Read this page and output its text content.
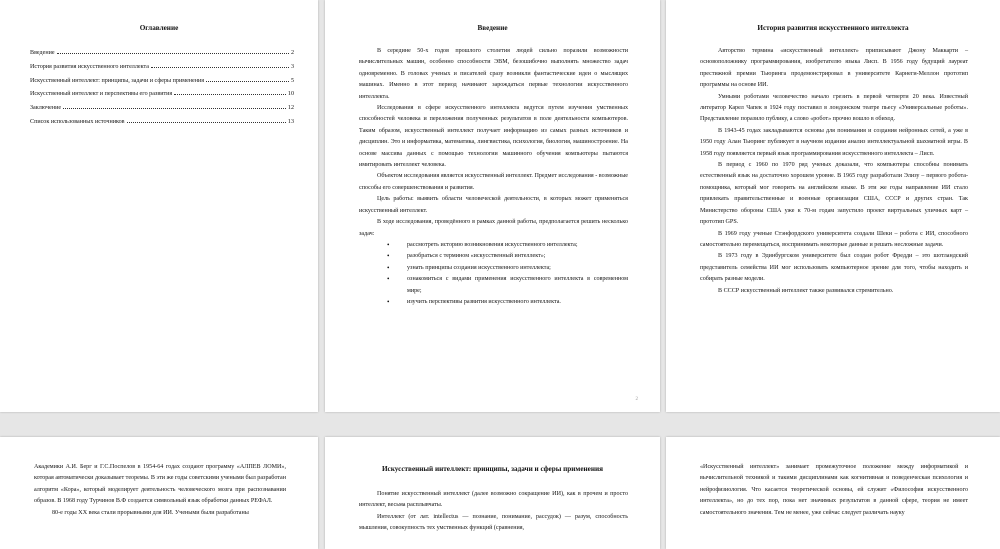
Оглавление
Введение	2
История развития искусственного интеллекта	3
Искусственный интеллект: принципы, задачи и сферы применения	5
Искусственный интеллект и перспективы его развития	10
Заключение	12
Список использованных источников	13
Введение
В середине 50-х годов прошлого столетия людей сильно поразили возможности вычислительных машин, особенно способности ЭВМ, безошибочно выполнять множество задач одновременно. В головах ученых и писателей сразу возникли фантастические идеи о мыслящих машинах. Именно в этот период начинают зарождаться первые технологии искусственного интеллекта.
Исследования в сфере искусственного интеллекта ведутся путем изучения умственных способностей человека и переложения полученных результатов в поле деятельности компьютеров. Таким образом, искусственный интеллект получает информацию из самых разных источников и дисциплин. Это и информатика, математика, лингвистика, психология, биология, машиностроение. На основе массива данных с помощью технологии машинного обучения компьютеры пытаются имитировать интеллект человека.
Объектом исследования является искусственный интеллект. Предмет исследования - возможные способы его совершенствования и развития.
Цель работы: выявить области человеческой деятельности, в которых может применяться искусственный интеллект.
В ходе исследования, проведённого в рамках данной работы, предполагается решить несколько задач:
• рассмотреть историю возникновения искусственного интеллекта;
• разобраться с термином «искусственный интеллект»;
• узнать принципы создания искусственного интеллекта;
• ознакомиться с видами применения искусственного интеллекта в современном мире;
• изучить перспективы развития искусственного интеллекта.
2
История развития искусственного интеллекта
Авторство термина «искусственный интеллект» приписывают Джону Маккарти – основоположнику программирования, изобретателю языка Лисп. В 1956 году будущий лауреат престижной премии Тьюринга продемонстрировал в университете Карнеги-Меллон прототип программы на основе ИИ.
Умными роботами человечество начало грезить в первой четверти 20 века. Известный литератор Карел Чапек в 1924 году поставил в лондонском театре пьесу «Универсальные роботы». Представление поразило публику, а слово «робот» прочно вошло в обиход.
В 1943-45 годах закладываются основы для понимания и создания нейронных сетей, а уже в 1950 году Алан Тьюринг публикует в научном издании анализ интеллектуальной шахматной игры. В 1958 году появляется первый язык программирования искусственного интеллекта – Лисп.
В период с 1960 по 1970 ряд ученых доказали, что компьютеры способны понимать естественный язык на достаточно хорошем уровне. В 1965 году разработали Элизу – первого робота-помощника, который мог говорить на английском языке. В эти же годы направление ИИ стало привлекать правительственные и военные организации США, СССР и других стран. Так Министерство обороны США уже к 70-м годам запустило проект виртуальных уличных карт – прототип GPS.
В 1969 году ученые Стэнфордского университета создали Шеки – робота с ИИ, способного самостоятельно перемещаться, воспринимать некоторые данные и решать несложные задачи.
В 1973 году в Эдинбургском университете был создан робот Фредди – это шотландский представитель семейства ИИ мог использовать компьютерное зрение для того, чтобы находить и собирать разные модели.
В СССР искусственный интеллект также развивался стремительно.
Академики А.И. Берг и Г.С.Поспелов в 1954-64 годах создают программу «АЛПЕВ ЛОМИ», которая автоматически доказывает теоремы. В эти же годы советскими учеными был разработан алгоритм «Кора», который моделирует деятельность человеческого мозга при распознавании образов. В 1968 году Турчинов В.Ф создается символьный язык обработки данных РЕФАЛ.
80-е годы XX века стали прорывными для ИИ. Учеными были разработаны
Искусственный интеллект: принципы, задачи и сферы применения
Понятие искусственный интеллект (далее возможно сокращение ИИ), как в прочем и просто интеллект, весьма расплывчаты.
Интеллект (от лат. intellectus — познание, понимание, рассудок) — разум, способность мышления, совокупность тех умственных функций (сравнения,
«Искусственный интеллект» занимает промежуточное положение между информатикой и вычислительной техникой и такими дисциплинами как когнитивная и поведенческая психология и нейрофизиология. Что касается теоретической основы, ей служит «Философия искусственного интеллекта», но до тех пор, пока нет значимых результатов в данной сфере, теория не имеет самостоятельного значения. Тем не менее, уже сейчас следует различать науку
